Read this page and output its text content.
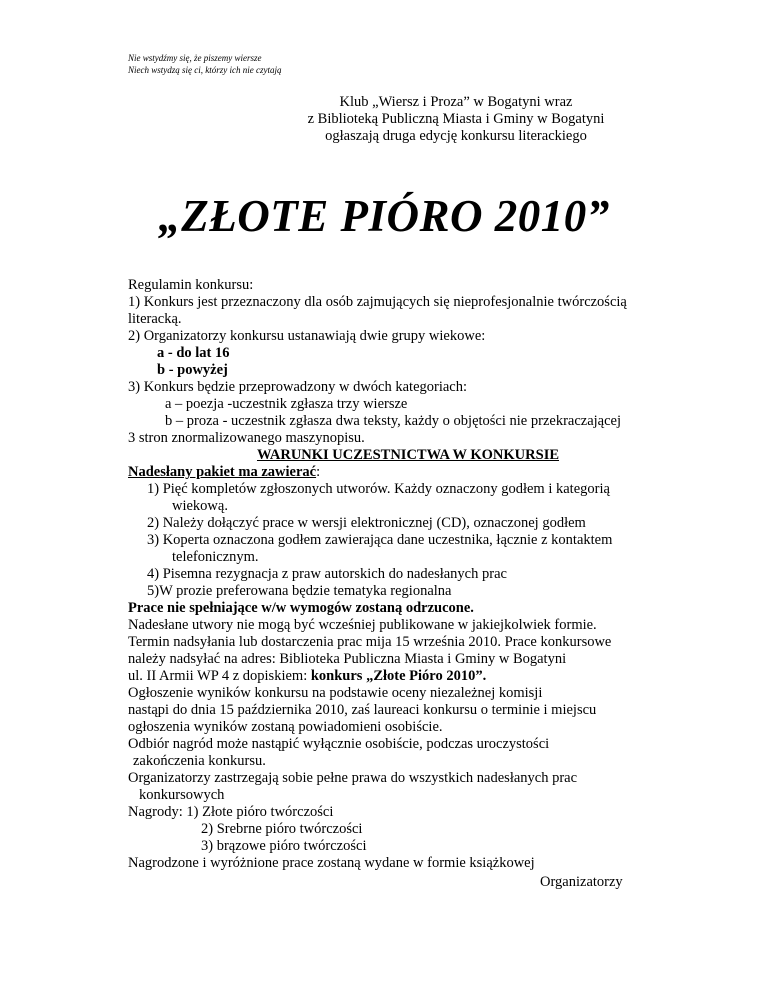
Nie wstydźmy się, że piszemy wiersze
Niech wstydzą się ci, którzy ich nie czytają
Klub „Wiersz i Proza” w Bogatyni wraz
z Biblioteką Publiczną Miasta i Gminy w Bogatyni
ogłaszają druga edycję konkursu literackiego
„ZŁOTE PIÓRO 2010”

Regulamin konkursu:

1) Konkurs jest przeznaczony dla osób zajmujących się nieprofesjonalnie twórczością

literacką.

2) Organizatorzy konkursu ustanawiają dwie grupy wiekowe:

a - do lat 16

b - powyżej

3) Konkurs będzie przeprowadzony w dwóch kategoriach:

a – poezja -uczestnik zgłasza trzy wiersze

b – proza - uczestnik zgłasza dwa teksty, każdy o objętości nie przekraczającej

3 stron znormalizowanego maszynopisu.

WARUNKI UCZESTNICTWA W KONKURSIE

Nadesłany pakiet ma zawierać:

1) Pięć kompletów zgłoszonych utworów. Każdy oznaczony godłem i kategorią

wiekową.

2) Należy dołączyć prace w wersji elektronicznej (CD), oznaczonej godłem

3) Koperta oznaczona godłem zawierająca dane uczestnika, łącznie z kontaktem

telefonicznym.

4) Pisemna rezygnacja z praw autorskich do nadesłanych prac

5)W prozie preferowana będzie tematyka regionalna

Prace nie spełniające w/w wymogów zostaną odrzucone.

Nadesłane utwory nie mogą być wcześniej publikowane w jakiejkolwiek formie.

Termin nadsyłania lub dostarczenia prac mija 15 września 2010. Prace konkursowe

należy nadsyłać na adres: Biblioteka Publiczna Miasta i Gminy w Bogatyni

ul. II Armii WP 4 z dopiskiem: konkurs „Złote Pióro 2010”.

Ogłoszenie wyników konkursu na podstawie oceny niezależnej komisji

nastąpi do dnia 15 października 2010, zaś laureaci konkursu o terminie i miejscu

ogłoszenia wyników zostaną powiadomieni osobiście.

Odbiór nagród może nastąpić wyłącznie osobiście, podczas uroczystości

zakończenia konkursu.

Organizatorzy zastrzegają sobie pełne prawa do wszystkich nadesłanych prac

konkursowych

Nagrody: 1) Złote pióro twórczości

2) Srebrne pióro twórczości

3) brązowe pióro twórczości

Nagrodzone i wyróżnione prace zostaną wydane w formie książkowej

Organizatorzy
